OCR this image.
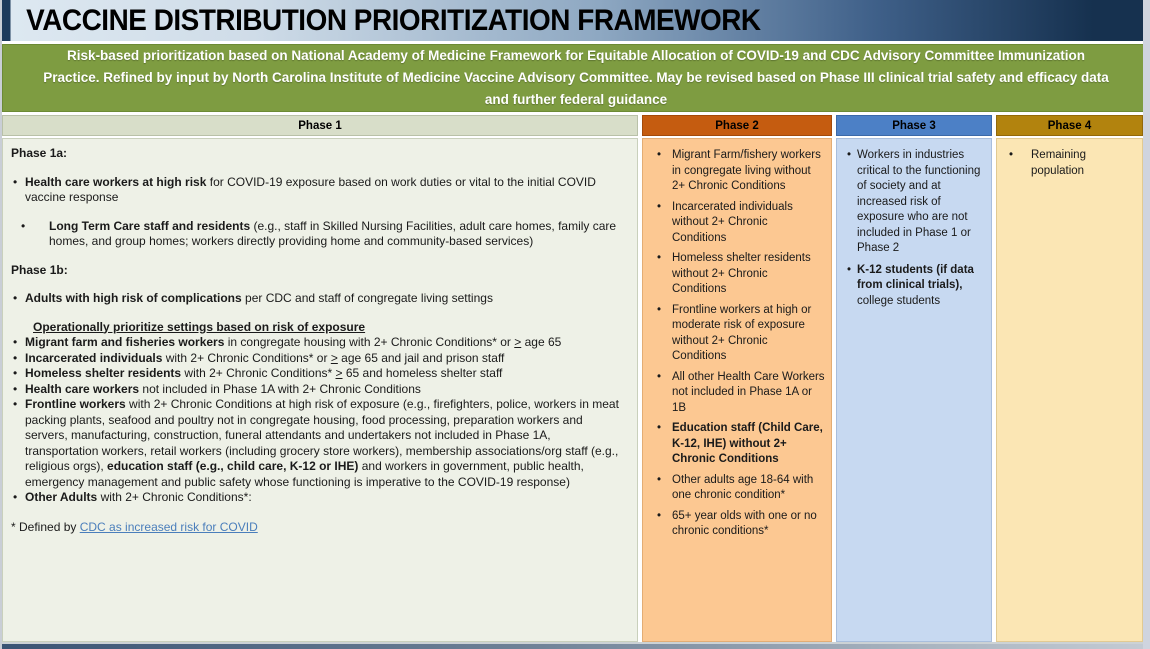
VACCINE DISTRIBUTION PRIORITIZATION FRAMEWORK
Risk-based prioritization based on National Academy of Medicine Framework for Equitable Allocation of COVID-19 and CDC Advisory Committee Immunization Practice. Refined by input by North Carolina Institute of Medicine Vaccine Advisory Committee. May be revised based on Phase III clinical trial safety and efficacy data and further federal guidance
Phase 1
Phase 1a:
• Health care workers at high risk for COVID-19 exposure based on work duties or vital to the initial COVID vaccine response
• Long Term Care staff and residents (e.g., staff in Skilled Nursing Facilities, adult care homes, family care homes, and group homes; workers directly providing home and community-based services)
Phase 1b:
• Adults with high risk of complications per CDC and staff of congregate living settings
Operationally prioritize settings based on risk of exposure
• Migrant farm and fisheries workers in congregate housing with 2+ Chronic Conditions* or > age 65
• Incarcerated individuals with 2+ Chronic Conditions* or > age 65 and jail and prison staff
• Homeless shelter residents with 2+ Chronic Conditions* > 65 and homeless shelter staff
• Health care workers not included in Phase 1A with 2+ Chronic Conditions
• Frontline workers with 2+ Chronic Conditions at high risk of exposure (e.g., firefighters, police, workers in meat packing plants, seafood and poultry not in congregate housing, food processing, preparation workers and servers, manufacturing, construction, funeral attendants and undertakers not included in Phase 1A, transportation workers, retail workers (including grocery store workers), membership associations/org staff (e.g., religious orgs), education staff (e.g., child care, K-12 or IHE) and workers in government, public health, emergency management and public safety whose functioning is imperative to the COVID-19 response)
• Other Adults with 2+ Chronic Conditions*:
* Defined by CDC as increased risk for COVID
Phase 2
• Migrant Farm/fishery workers in congregate living without 2+ Chronic Conditions
• Incarcerated individuals without 2+ Chronic Conditions
• Homeless shelter residents without 2+ Chronic Conditions
• Frontline workers at high or moderate risk of exposure without 2+ Chronic Conditions
• All other Health Care Workers not included in Phase 1A or 1B
• Education staff (Child Care, K-12, IHE) without 2+ Chronic Conditions
• Other adults age 18-64 with one chronic condition*
• 65+ year olds with one or no chronic conditions*
Phase 3
• Workers in industries critical to the functioning of society and at increased risk of exposure who are not included in Phase 1 or Phase 2
• K-12 students (if data from clinical trials), college students
Phase 4
• Remaining population
